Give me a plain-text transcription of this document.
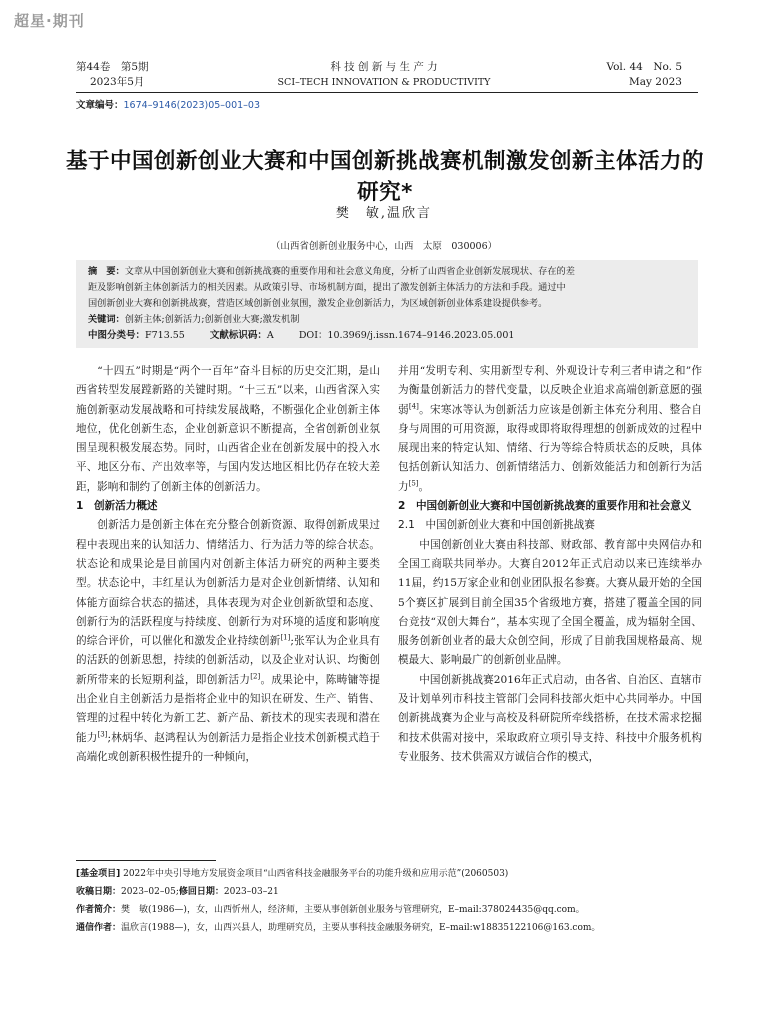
超星·期刊
第44卷　第5期
2023年5月
科 技 创 新 与 生 产 力
SCI–TECH INNOVATION & PRODUCTIVITY
Vol. 44　No. 5
May 2023
文章编号：1674–9146(2023)05–001–03
基于中国创新创业大赛和中国创新挑战赛机制激发创新主体活力的研究*
樊　敏,温欣言
（山西省创新创业服务中心，山西　太原　030006）
摘　要：文章从中国创新创业大赛和创新挑战赛的重要作用和社会意义角度，分析了山西省企业创新发展现状、存在的差
距及影响创新主体创新活力的相关因素。从政策引导、市场机制方面，提出了激发创新主体活力的方法和手段。通过中
国创新创业大赛和创新挑战赛，营造区域创新创业氛围，激发企业创新活力，为区域创新创业体系建设提供参考。
关键词：创新主体;创新活力;创新创业大赛;激发机制
中图分类号：F713.55	文献标识码：A	DOI：10.3969/j.issn.1674–9146.2023.05.001

“十四五”时期是“两个一百年”奋斗目标的历史交汇期，是山西省转型发展蹚新路的关键时期。“十三五”以来，山西省深入实施创新驱动发展战略和可持续发展战略，不断强化企业创新主体地位，优化创新生态，企业创新意识不断提高，全省创新创业氛围呈现积极发展态势。同时，山西省企业在创新发展中的投入水平、地区分布、产出效率等，与国内发达地区相比仍存在较大差距，影响和制约了创新主体的创新活力。

1　创新活力概述

创新活力是创新主体在充分整合创新资源、取得创新成果过程中表现出来的认知活力、情绪活力、行为活力等的综合状态。状态论和成果论是目前国内对创新主体活力研究的两种主要类型。状态论中，丰红星认为创新活力是对企业创新情绪、认知和体能方面综合状态的描述，具体表现为对企业创新欲望和态度、创新行为的活跃程度与持续度、创新行为对环境的适度和影响度的综合评价，可以催化和激发企业持续创新[1];张军认为企业具有的活跃的创新思想，持续的创新活动，以及企业对认识、均衡创新所带来的长短期利益，即创新活力[2]。成果论中，陈畴镛等提出企业自主创新活力是指将企业中的知识在研发、生产、销售、管理的过程中转化为新工艺、新产品、新技术的现实表现和潜在能力[3];林炳华、赵鸿程认为创新活力是指企业技术创新模式趋于高端化或创新积极性提升的一种倾向，

并用“发明专利、实用新型专利、外观设计专利三者申请之和”作为衡量创新活力的替代变量，以反映企业追求高端创新意愿的强弱[4]。宋寒冰等认为创新活力应该是创新主体充分利用、整合自身与周围的可用资源，取得或即将取得理想的创新成效的过程中展现出来的特定认知、情绪、行为等综合特质状态的反映，具体包括创新认知活力、创新情绪活力、创新效能活力和创新行为活力[5]。

2　中国创新创业大赛和中国创新挑战赛的重要作用和社会意义

2.1　中国创新创业大赛和中国创新挑战赛

中国创新创业大赛由科技部、财政部、教育部中央网信办和全国工商联共同举办。大赛自2012年正式启动以来已连续举办11届，约15万家企业和创业团队报名参赛。大赛从最开始的全国5个赛区扩展到目前全国35个省级地方赛，搭建了覆盖全国的同台竞技“双创大舞台”，基本实现了全国全覆盖，成为辐射全国、服务创新创业者的最大众创空间，形成了目前我国规格最高、规模最大、影响最广的创新创业品牌。

中国创新挑战赛2016年正式启动，由各省、自治区、直辖市及计划单列市科技主管部门会同科技部火炬中心共同举办。中国创新挑战赛为企业与高校及科研院所牵线搭桥，在技术需求挖掘和技术供需对接中，采取政府立项引导支持、科技中介服务机构专业服务、技术供需双方诚信合作的模式，

[基金项目] 2022年中央引导地方发展资金项目“山西省科技金融服务平台的功能升级和应用示范”(2060503)
收稿日期：2023–02–05;修回日期：2023–03–21
作者简介：樊　敏(1986—)，女，山西忻州人，经济师，主要从事创新创业服务与管理研究，E–mail:378024435@qq.com。
通信作者：温欣言(1988—)，女，山西兴县人，助理研究员，主要从事科技金融服务研究，E–mail:w18835122106@163.com。
